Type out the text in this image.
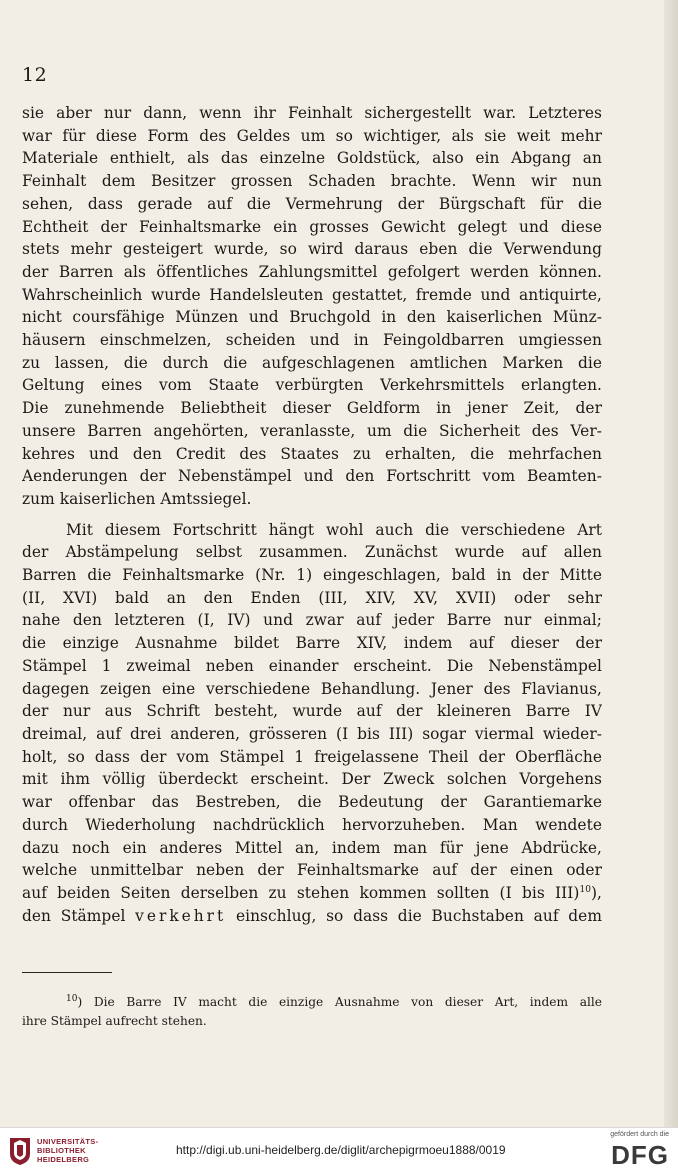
12

sie aber nur dann, wenn ihr Feinhalt sichergestellt war. Letzteres

war für diese Form des Geldes um so wichtiger, als sie weit mehr

Materiale enthielt, als das einzelne Goldstück, also ein Abgang an

Feinhalt dem Besitzer grossen Schaden brachte. Wenn wir nun

sehen, dass gerade auf die Vermehrung der Bürgschaft für die

Echtheit der Feinhaltsmarke ein grosses Gewicht gelegt und diese

stets mehr gesteigert wurde, so wird daraus eben die Verwendung

der Barren als öffentliches Zahlungsmittel gefolgert werden können.

Wahrscheinlich wurde Handelsleuten gestattet, fremde und antiquirte,

nicht coursfähige Münzen und Bruchgold in den kaiserlichen Münz-

häusern einschmelzen, scheiden und in Feingoldbarren umgiessen

zu lassen, die durch die aufgeschlagenen amtlichen Marken die

Geltung eines vom Staate verbürgten Verkehrsmittels erlangten.

Die zunehmende Beliebtheit dieser Geldform in jener Zeit, der

unsere Barren angehörten, veranlasste, um die Sicherheit des Ver-

kehres und den Credit des Staates zu erhalten, die mehrfachen

Aenderungen der Nebenstämpel und den Fortschritt vom Beamten-

zum kaiserlichen Amtssiegel.

Mit diesem Fortschritt hängt wohl auch die verschiedene Art

der Abstämpelung selbst zusammen. Zunächst wurde auf allen

Barren die Feinhaltsmarke (Nr. 1) eingeschlagen, bald in der Mitte

(II, XVI) bald an den Enden (III, XIV, XV, XVII) oder sehr

nahe den letzteren (I, IV) und zwar auf jeder Barre nur einmal;

die einzige Ausnahme bildet Barre XIV, indem auf dieser der

Stämpel 1 zweimal neben einander erscheint. Die Nebenstämpel

dagegen zeigen eine verschiedene Behandlung. Jener des Flavianus,

der nur aus Schrift besteht, wurde auf der kleineren Barre IV

dreimal, auf drei anderen, grösseren (I bis III) sogar viermal wieder-

holt, so dass der vom Stämpel 1 freigelassene Theil der Oberfläche

mit ihm völlig überdeckt erscheint. Der Zweck solchen Vorgehens

war offenbar das Bestreben, die Bedeutung der Garantiemarke

durch Wiederholung nachdrücklich hervorzuheben. Man wendete

dazu noch ein anderes Mittel an, indem man für jene Abdrücke,

welche unmittelbar neben der Feinhaltsmarke auf der einen oder

auf beiden Seiten derselben zu stehen kommen sollten (I bis III)$^{10}$),

den Stämpel verkehrt einschlug, so dass die Buchstaben auf dem

$^{10}$) Die Barre IV macht die einzige Ausnahme von dieser Art, indem alle

ihre Stämpel aufrecht stehen.

UNIVERSITÄTS-
BIBLIOTHEK
HEIDELBERG
http://digi.ub.uni-heidelberg.de/diglit/archepigrmoeu1888/0019
gefördert durch die
DFG
